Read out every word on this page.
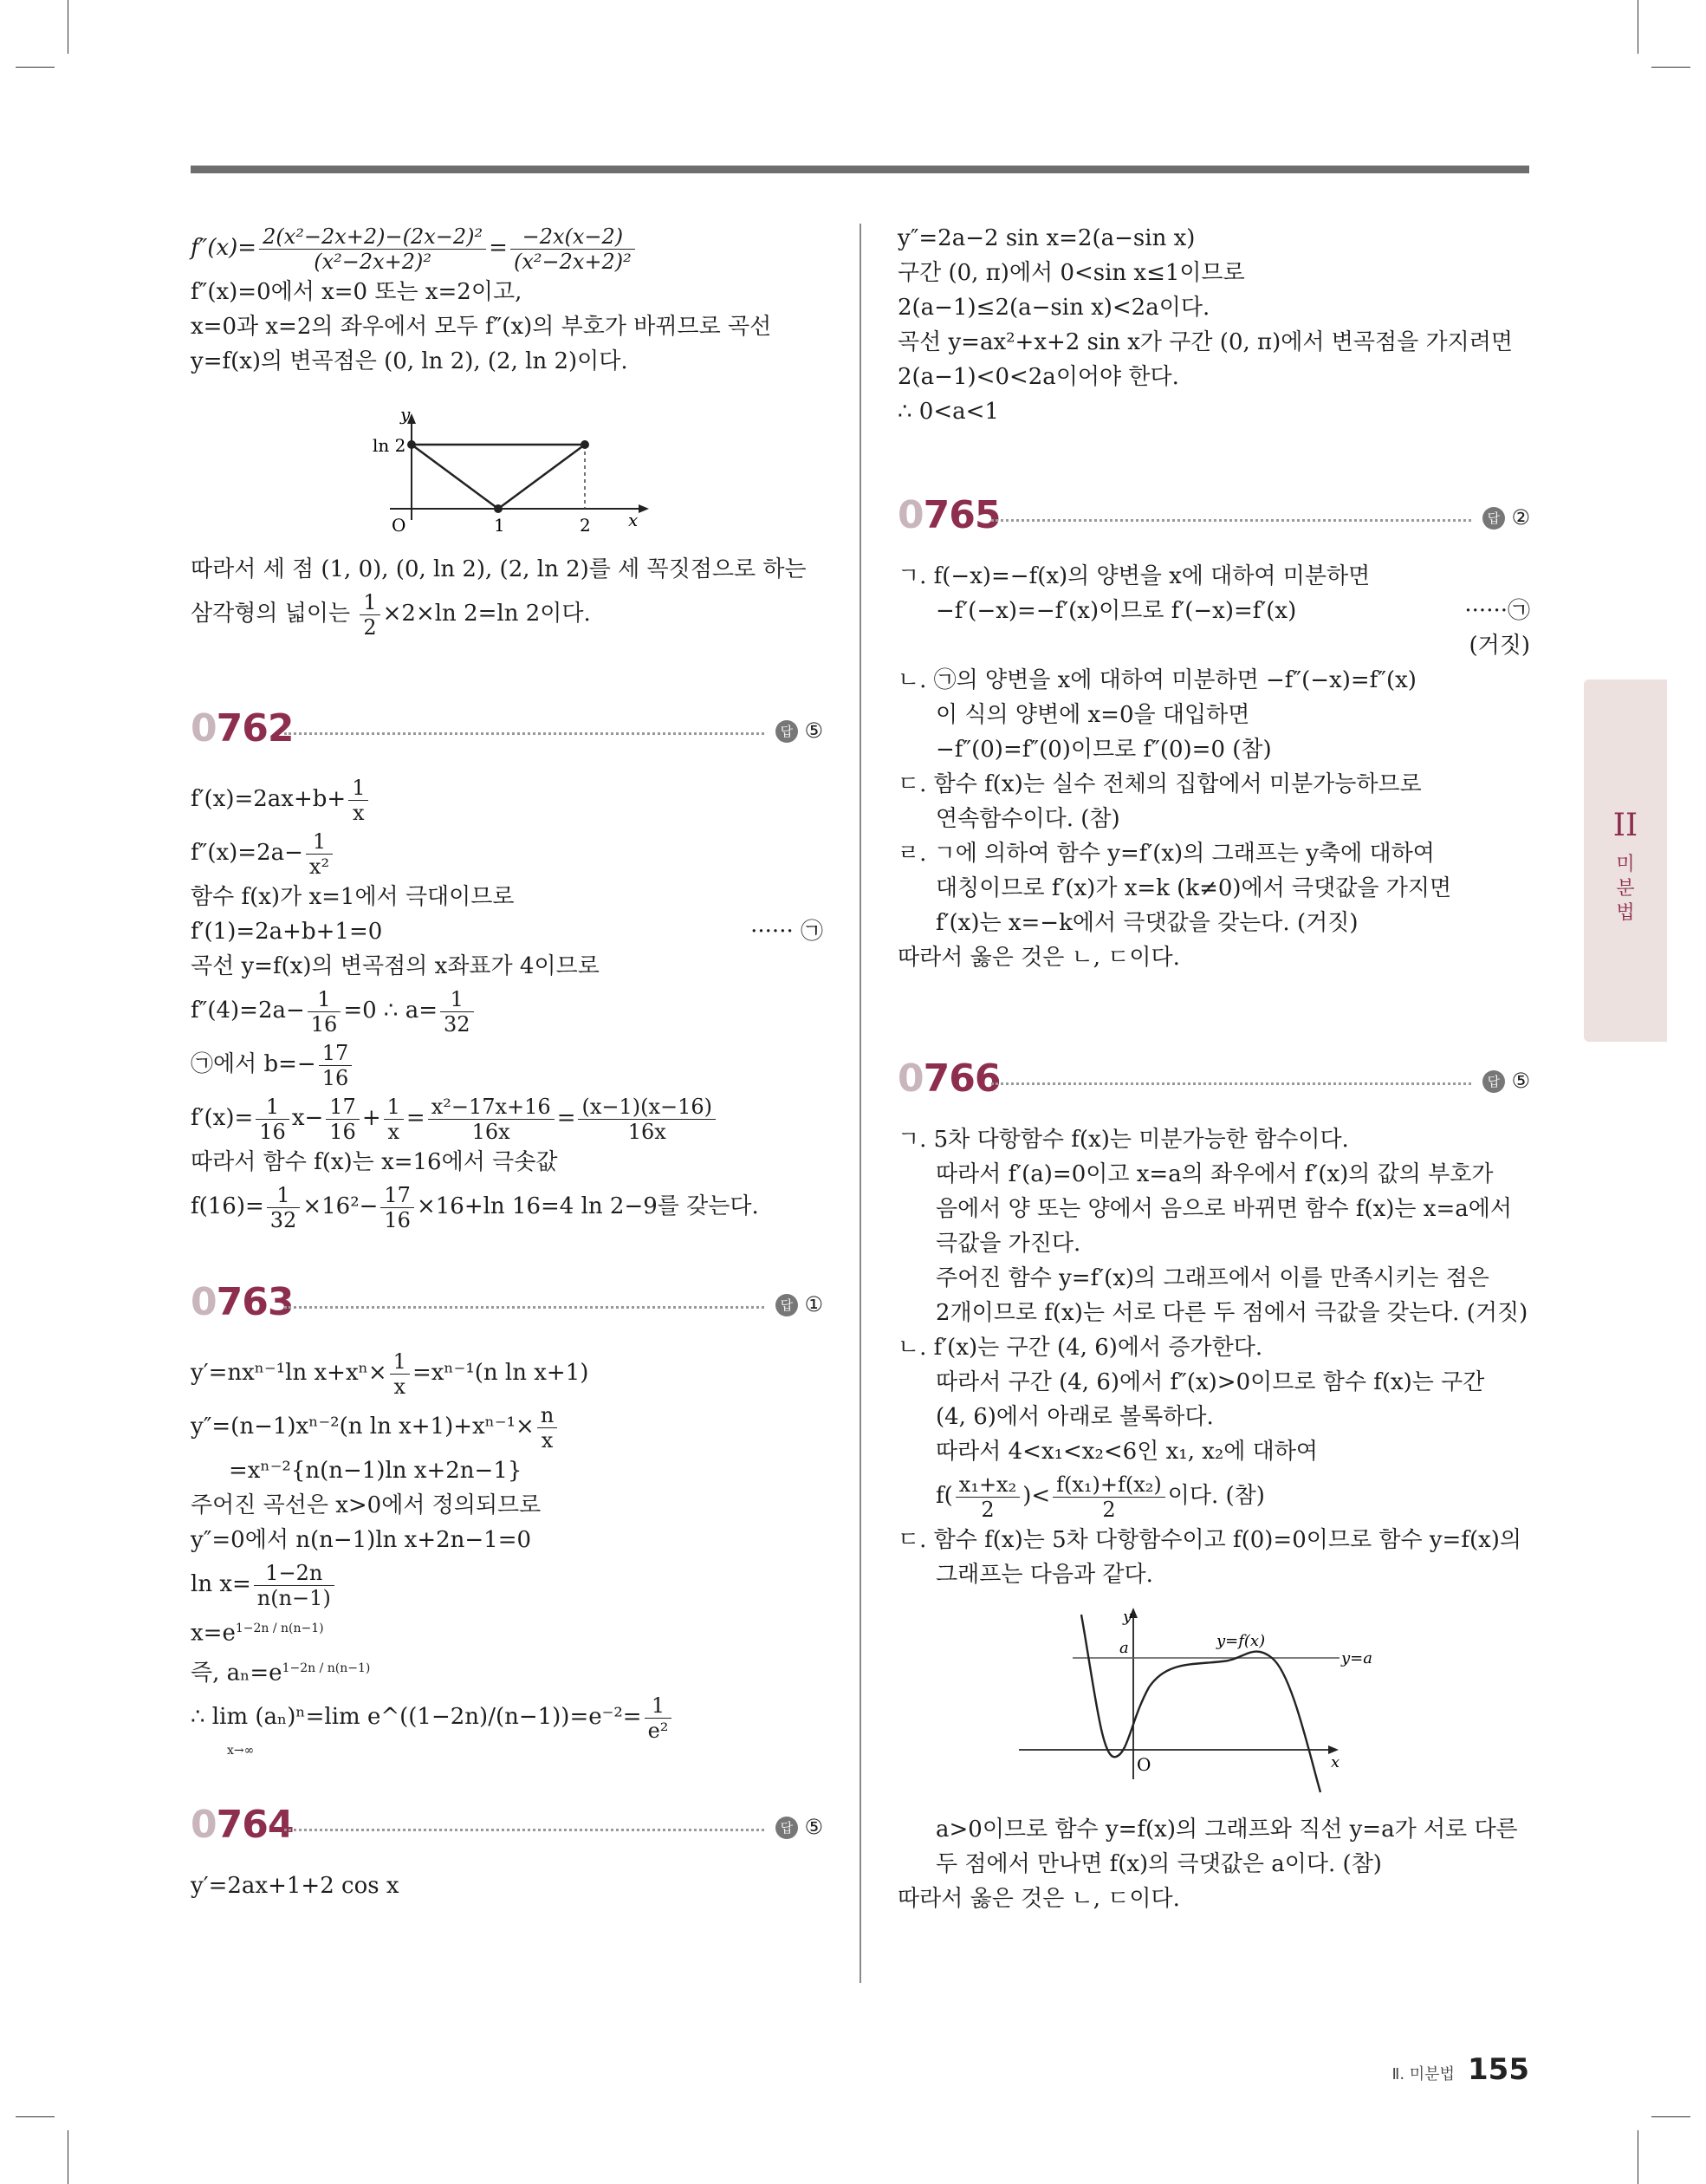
$f''(x)= \frac{\text{2(x²−2x+2)−(2x−2)²}}{\text{(x²−2x+2)²}} = \frac{-2x(x-2)}{\text{(x²−2x+2)²}}$
f″(x)=0에서 x=0 또는 x=2이고,
x=0과 x=2의 좌우에서 모두 f″(x)의 부호가 바뀌므로 곡선
y=f(x)의 변곡점은 (0, ln 2), (2, ln 2)이다.
y
ln 2
O	1	2 x
따라서 세 점 (1, 0), (0, ln 2), (2, ln 2)를 세 꼭짓점으로 하는
삼각형의 넓이는 $\frac{1}{2} \times 2\times\ln$ 2=ln 2이다.
0762	답 ⑤
$f'(x)=2ax+b+ \frac{1}{x}$
$f''(x)=2a- \frac{1}{\text{x²}}$
함수 f(x)가 x=1에서 극대이므로
f′(1)=2a+b+1=0	······ ㉠
곡선 y=f(x)의 변곡점의 x좌표가 4이므로
$f''(4)=2a- \frac{1}{16} =0$ ∴ $a= \frac{1}{32}$
㉠에서 $b=- \frac{17}{16}$
$f'(x)= \frac{1}{16} x- \frac{17}{16} + \frac{1}{x} = \frac{\text{x²−17x+16}}{16x} = \frac{(x-1)(x-16)}{16x}$
따라서 함수 f(x)는 x=16에서 극솟값
$f(16)= \frac{1}{32} \times 16^2- \frac{17}{16} \times 16+\ln$ 16=4 ln 2−9를 갖는다.
0763	답 ①
y′=nxⁿ⁻¹ln $x+x^n\times \frac{1}{x} =x^{n-1}(n$ ln x+1)
y″=(n−1)xⁿ⁻²(n $\ln x+1)+x^{n-1}\times \frac{n}{x}$
=xⁿ⁻²{n(n−1)ln x+2n−1}
주어진 곡선은 x>0에서 정의되므로
y″=0에서 n(n−1)ln x+2n−1=0
$\ln x= \frac{1-2n}{n(n-1)}$
$x=e^{1-2n / n(n-1)}$
즉, $a_n=e^{1-2n / n(n-1)}$
∴ lim (aₙ)ⁿ=lim e^((1−2n)/(n−1))=e⁻²= $\frac{1}{\text{e²}}$
x→∞
0764	답 ⑤
y′=2ax+1+2 cos x
y″=2a−2 sin x=2(a−sin x)
구간 (0, π)에서 0<sin x≤1이므로
2(a−1)≤2(a−sin x)<2a이다.
곡선 y=ax²+x+2 sin x가 구간 (0, π)에서 변곡점을 가지려면
2(a−1)<0<2a이어야 한다.
∴ 0<a<1
0765	답 ②
ㄱ. f(−x)=−f(x)의 양변을 x에 대하여 미분하면
−f′(−x)=−f′(x)이므로 f′(−x)=f′(x)	······㉠
(거짓)
ㄴ. ㉠의 양변을 x에 대하여 미분하면 −f″(−x)=f″(x)
이 식의 양변에 x=0을 대입하면
−f″(0)=f″(0)이므로 f″(0)=0 (참)
ㄷ. 함수 f(x)는 실수 전체의 집합에서 미분가능하므로
연속함수이다. (참)
ㄹ. ㄱ에 의하여 함수 y=f′(x)의 그래프는 y축에 대하여
대칭이므로 f′(x)가 x=k (k≠0)에서 극댓값을 가지면
f′(x)는 x=−k에서 극댓값을 갖는다. (거짓)
따라서 옳은 것은 ㄴ, ㄷ이다.
0766	답 ⑤
ㄱ. 5차 다항함수 f(x)는 미분가능한 함수이다.
따라서 f′(a)=0이고 x=a의 좌우에서 f′(x)의 값의 부호가
음에서 양 또는 양에서 음으로 바뀌면 함수 f(x)는 x=a에서
극값을 가진다.
주어진 함수 y=f′(x)의 그래프에서 이를 만족시키는 점은
2개이므로 f(x)는 서로 다른 두 점에서 극값을 갖는다. (거짓)
ㄴ. f′(x)는 구간 (4, 6)에서 증가한다.
따라서 구간 (4, 6)에서 f″(x)>0이므로 함수 f(x)는 구간
(4, 6)에서 아래로 볼록하다.
따라서 4<x₁<x₂<6인 x₁, x₂에 대하여
$f( \frac{\text{x₁+x₂}}{2}$ )< $\frac{\text{f(x₁)+f(x₂)}}{2}$ 이다. (참)
ㄷ. 함수 f(x)는 5차 다항함수이고 f(0)=0이므로 함수 y=f(x)의
그래프는 다음과 같다.
y
a
O	x
y=f(x)
y=a
a>0이므로 함수 y=f(x)의 그래프와 직선 y=a가 서로 다른
두 점에서 만나면 f(x)의 극댓값은 a이다. (참)
따라서 옳은 것은 ㄴ, ㄷ이다.
II
미
분
법
Ⅱ. 미분법 155
